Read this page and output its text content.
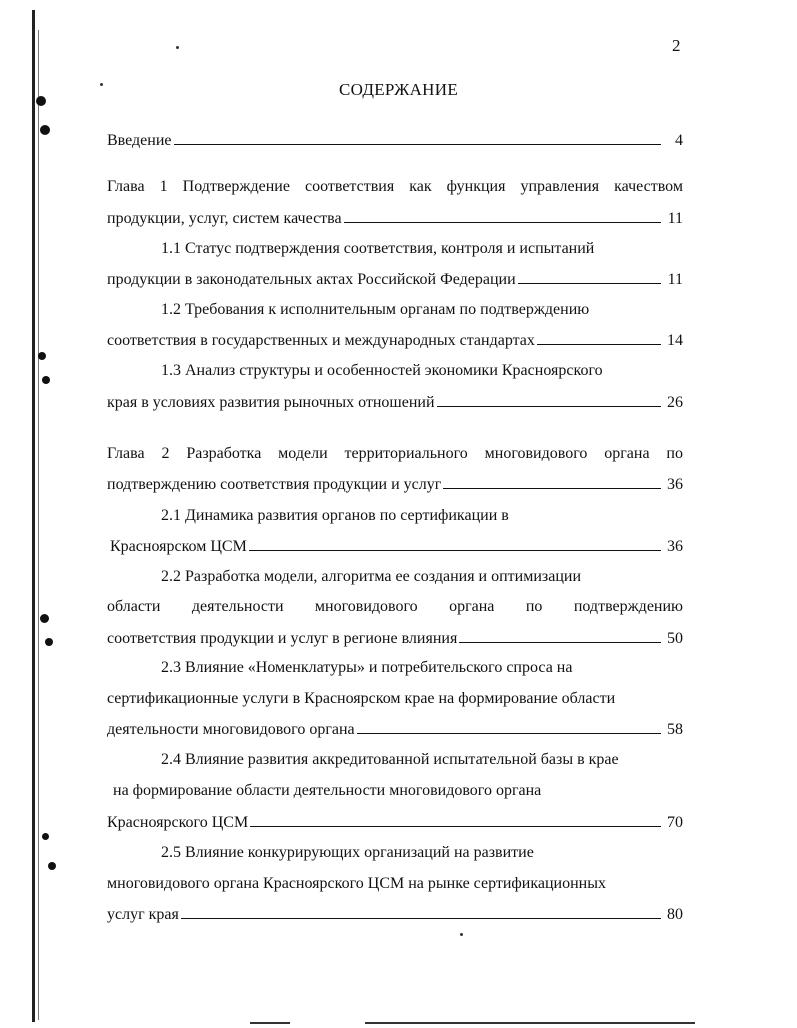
2
СОДЕРЖАНИЕ
Введение	4
Глава 1 Подтверждение соответствия как функция управления качеством
продукции, услуг, систем качества	11
1.1 Статус подтверждения соответствия, контроля и испытаний
продукции в законодательных актах Российской Федерации	11
1.2 Требования к исполнительным органам по подтверждению
соответствия в государственных и международных стандартах	14
1.3 Анализ структуры и особенностей экономики Красноярского
края в условиях развития рыночных отношений	26
Глава 2 Разработка модели территориального многовидового органа по
подтверждению соответствия продукции и услуг	36
2.1 Динамика развития органов по сертификации в
Красноярском ЦСМ	36
2.2 Разработка модели, алгоритма ее создания и оптимизации
области деятельности многовидового органа по подтверждению
соответствия продукции и услуг в регионе влияния	50
2.3 Влияние «Номенклатуры» и потребительского спроса на
сертификационные услуги в Красноярском крае на формирование области
деятельности многовидового органа	58
2.4 Влияние развития аккредитованной испытательной базы в крае
на формирование области деятельности многовидового органа
Красноярского ЦСМ	70
2.5 Влияние конкурирующих организаций на развитие
многовидового органа Красноярского ЦСМ на рынке сертификационных
услуг края	80
